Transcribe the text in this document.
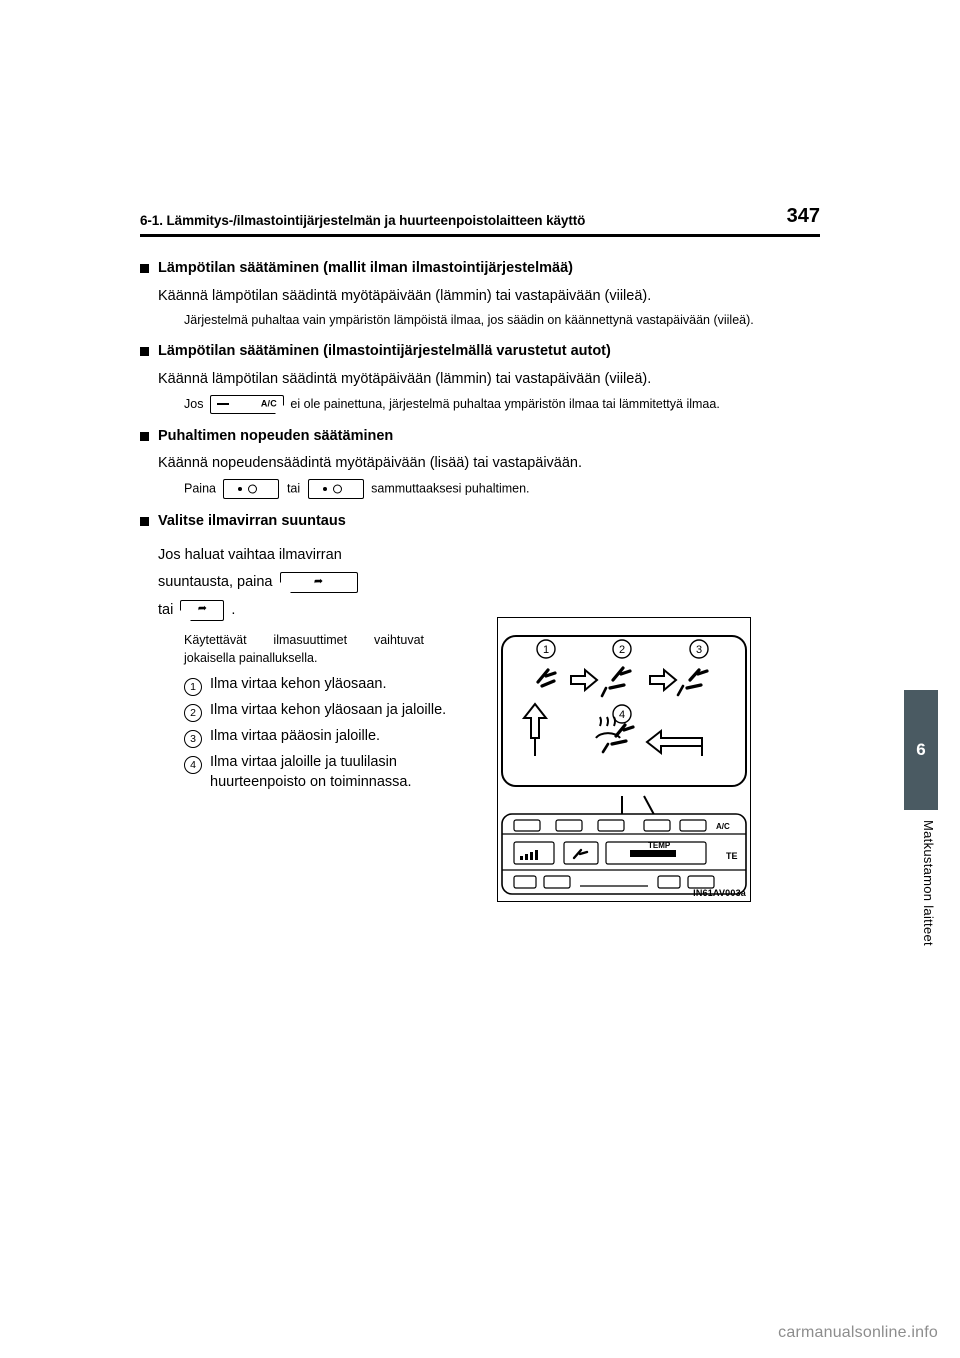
6-1. Lämmitys-/ilmastointijärjestelmän ja huurteenpoistolaitteen käyttö	347
6
Matkustamon laitteet
Lämpötilan säätäminen (mallit ilman ilmastointijärjestelmää)
Käännä lämpötilan säädintä myötäpäivään (lämmin) tai vastapäivään (viileä).
Järjestelmä puhaltaa vain ympäristön lämpöistä ilmaa, jos säädin on käännettynä vastapäivään (viileä).
Lämpötilan säätäminen (ilmastointijärjestelmällä varustetut autot)
Käännä lämpötilan säädintä myötäpäivään (lämmin) tai vastapäivään (viileä).
Jos	A/C ei ole painettuna, järjestelmä puhaltaa ympäristön ilmaa tai lämmitettyä ilmaa.
Puhaltimen nopeuden säätäminen
Käännä nopeudensäädintä myötäpäivään (lisää) tai vastapäivään.
Paina	tai	sammuttaaksesi puhaltimen.
Valitse ilmavirran suuntaus
Jos haluat vaihtaa ilmavirran
suuntausta, paina	➦

tai ➦ .
Käytettävät ilmasuuttimet vaihtuvat jokaisella painalluksella.
1 Ilma virtaa kehon yläosaan.
2 Ilma virtaa kehon yläosaan ja jaloille.
3 Ilma virtaa pääosin jaloille.
4 Ilma virtaa jaloille ja tuulilasin huurteenpoisto on toiminnassa.
1	2	3
4
A/C
TEMP
TE
IN61AV003a
carmanualsonline.info
